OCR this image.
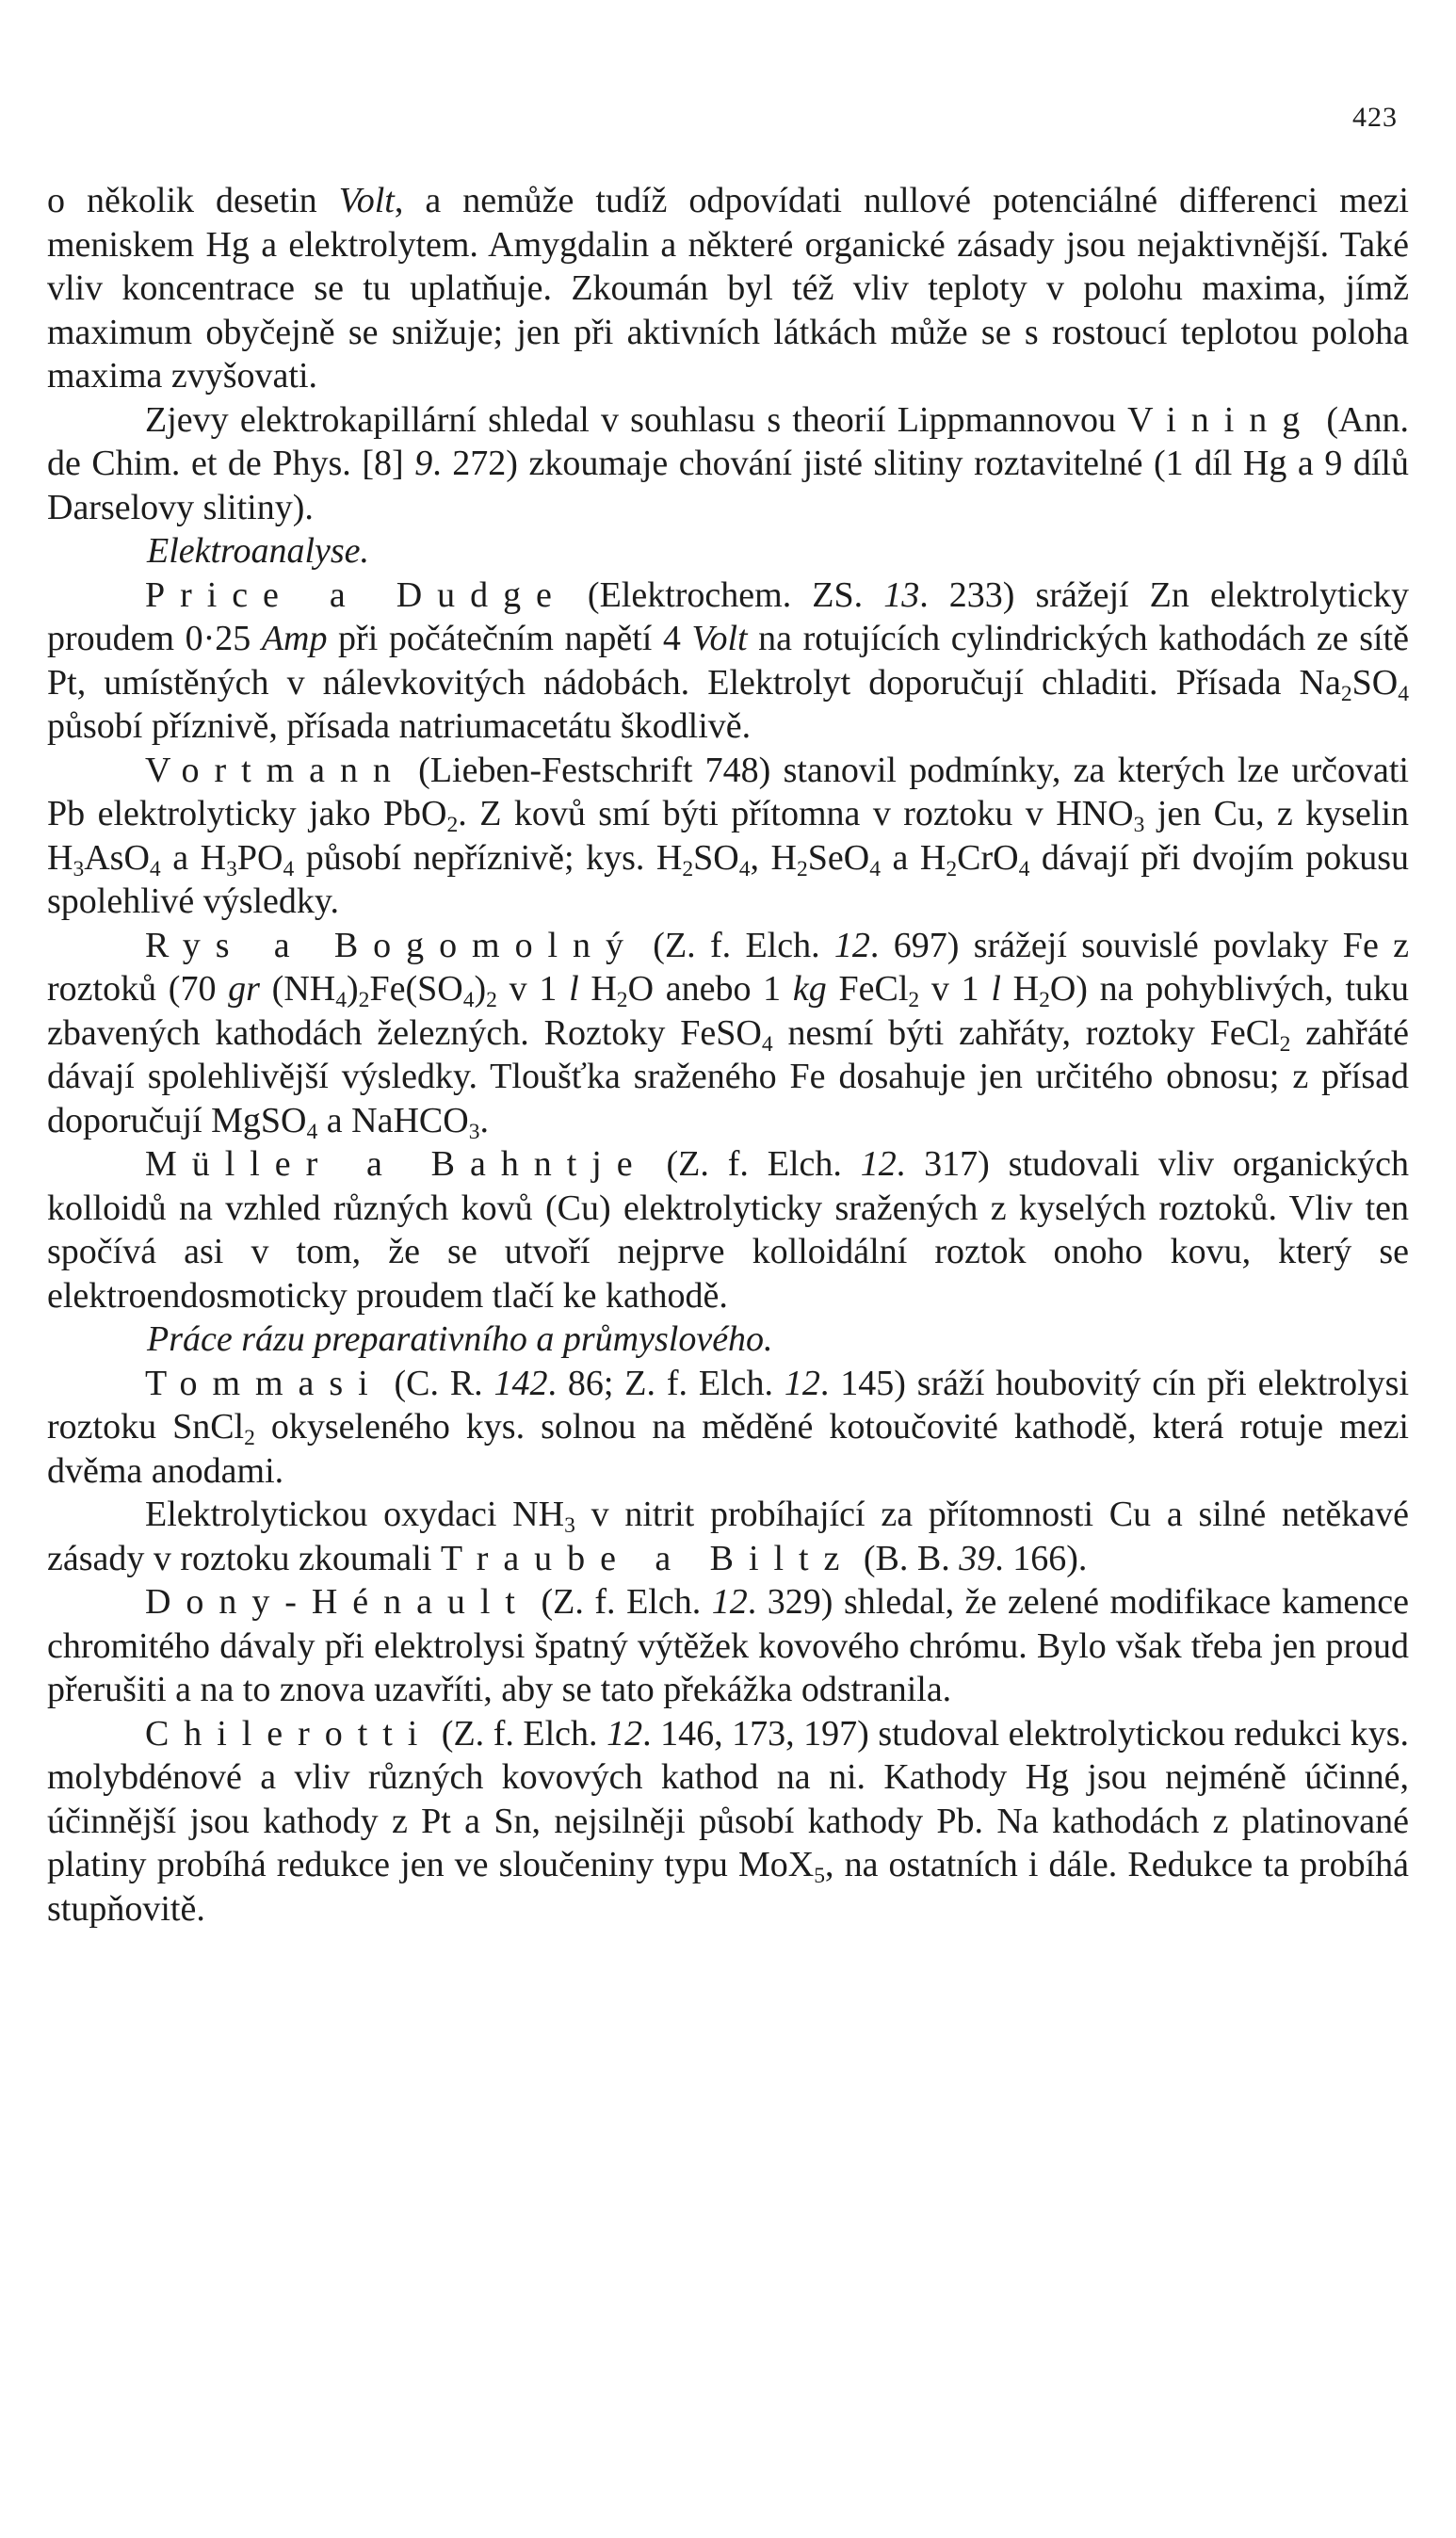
423

o několik desetin Volt, a nemůže tudíž odpovídati nullové potenciálné differenci mezi meniskem Hg a elektrolytem. Amygdalin a některé organické zásady jsou nejaktivnější. Také vliv koncentrace se tu uplatňuje. Zkoumán byl též vliv teploty v polohu maxima, jímž maximum obyčejně se snižuje; jen při aktivních látkách může se s rostoucí teplotou poloha maxima zvyšovati.

Zjevy elektrokapillární shledal v souhlasu s theorií Lippmannovou Vining (Ann. de Chim. et de Phys. [8] 9. 272) zkoumaje chování jisté slitiny roztavitelné (1 díl Hg a 9 dílů Darselovy slitiny).

Elektroanalyse.

Price a Dudge (Elektrochem. ZS. 13. 233) srážejí Zn elektrolyticky proudem 0·25 Amp při počátečním napětí 4 Volt na rotujících cylindrických kathodách ze sítě Pt, umístěných v nálevkovitých nádobách. Elektrolyt doporučují chladiti. Přísada $Na_2SO_4$ působí příznivě, přísada natriumacetátu škodlivě.

Vortmann (Lieben-Festschrift 748) stanovil podmínky, za kterých lze určovati Pb elektrolyticky jako PbO$_2$. Z kovů smí býti přítomna v roztoku v $HNO_3$ jen Cu, z kyselin $H_3AsO_4$ a $H_3PO_4$ působí nepříznivě; kys. $H_2SO_4$, $H_2SeO_4$ a $H_2CrO_4$ dávají při dvojím pokusu spolehlivé výsledky.

Rys a Bogomolný (Z. f. Elch. 12. 697) srážejí souvislé povlaky Fe z roztoků (70 gr $(NH_4)_2Fe(SO_4)_2$ v 1 l $H_2O$ anebo 1 kg FeCl$_2$ v 1 l $H_2O$) na pohyblivých, tuku zbavených kathodách železných. Roztoky FeSO$_4$ nesmí býti zahřáty, roztoky FeCl$_2$ zahřáté dávají spolehlivější výsledky. Tloušťka sraženého Fe dosahuje jen určitého obnosu; z přísad doporučují MgSO$_4$ a NaHCO$_3$.

Müller a Bahntje (Z. f. Elch. 12. 317) studovali vliv organických kolloidů na vzhled různých kovů (Cu) elektrolyticky sražených z kyselých roztoků. Vliv ten spočívá asi v tom, že se utvoří nejprve kolloidální roztok onoho kovu, který se elektroendosmoticky proudem tlačí ke kathodě.

Práce rázu preparativního a průmyslového.

Tommasi (C. R. 142. 86; Z. f. Elch. 12. 145) sráží houbovitý cín při elektrolysi roztoku SnCl$_2$ okyseleného kys. solnou na měděné kotoučovité kathodě, která rotuje mezi dvěma anodami.

Elektrolytickou oxydaci $NH_3$ v nitrit probíhající za přítomnosti Cu a silné netěkavé zásady v roztoku zkoumali Traube a Biltz (B. B. 39. 166).

Dony-Hénault (Z. f. Elch. 12. 329) shledal, že zelené modifikace kamence chromitého dávaly při elektrolysi špatný výtěžek kovového chrómu. Bylo však třeba jen proud přerušiti a na to znova uzavříti, aby se tato překážka odstranila.

Chilerotti (Z. f. Elch. 12. 146, 173, 197) studoval elektrolytickou redukci kys. molybdénové a vliv různých kovových kathod na ni. Kathody Hg jsou nejméně účinné, účinnější jsou kathody z Pt a Sn, nejsilněji působí kathody Pb. Na kathodách z platinované platiny probíhá redukce jen ve sloučeniny typu MoX$_5$, na ostatních i dále. Redukce ta probíhá stupňovitě.
